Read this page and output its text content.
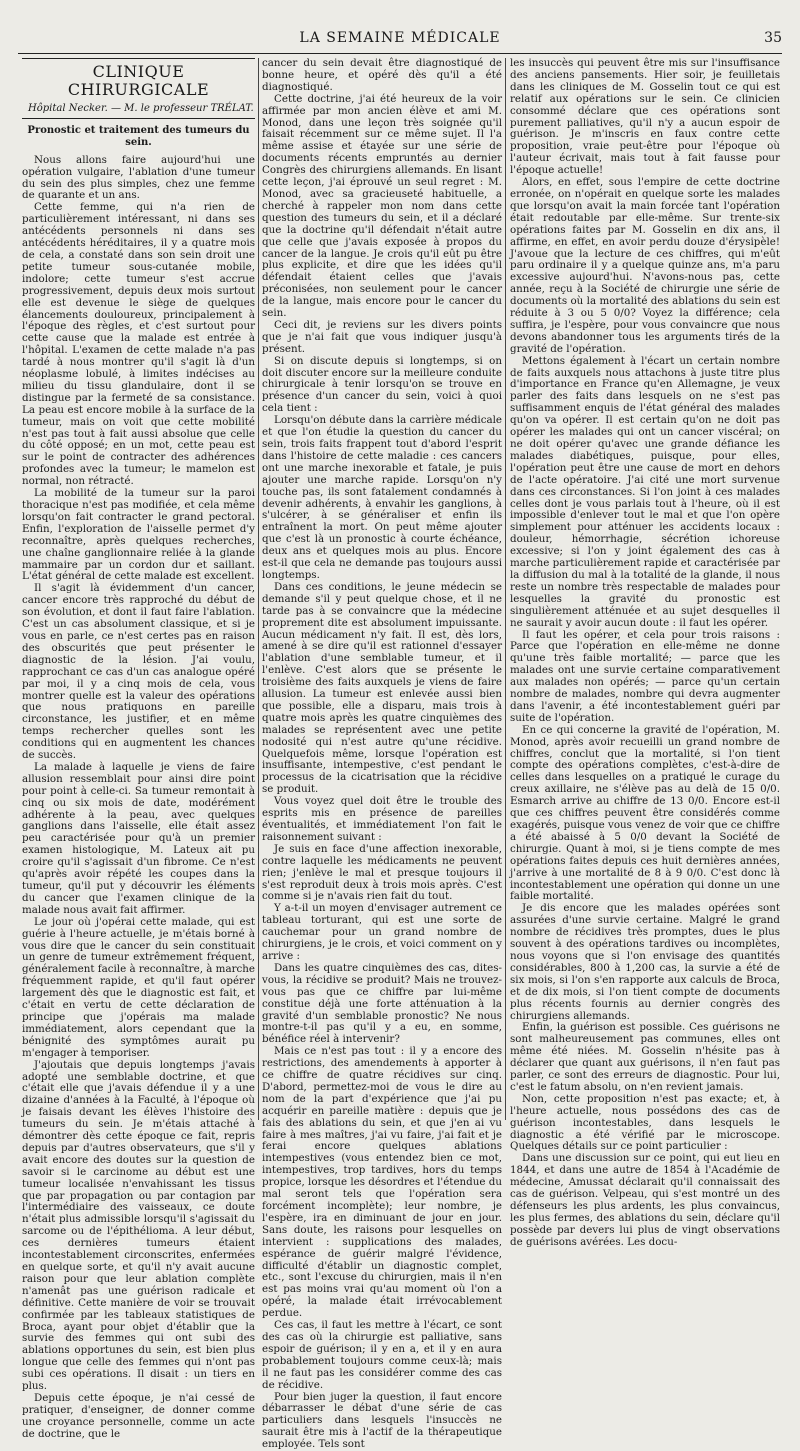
LA SEMAINE MÉDICALE	35
CLINIQUE CHIRURGICALE
Hôpital Necker. — M. le professeur TRÉLAT.

Pronostic et traitement des tumeurs du sein.

Nous allons faire aujourd'hui une opération vulgaire, l'ablation d'une tumeur du sein des plus simples, chez une femme de quarante et un ans.

Cette femme, qui n'a rien de particulièrement intéressant, ni dans ses antécédents personnels ni dans ses antécédents héréditaires, il y a quatre mois de cela, a constaté dans son sein droit une petite tumeur sous-cutanée mobile, indolore; cette tumeur s'est accrue progressivement, depuis deux mois surtout elle est devenue le siège de quelques élancements douloureux, principalement à l'époque des règles, et c'est surtout pour cette cause que la malade est entrée à l'hôpital. L'examen de cette malade n'a pas tardé à nous montrer qu'il s'agit là d'un néoplasme lobulé, à limites indécises au milieu du tissu glandulaire, dont il se distingue par la fermeté de sa consistance. La peau est encore mobile à la surface de la tumeur, mais on voit que cette mobilité n'est pas tout à fait aussi absolue que celle du côté opposé; en un mot, cette peau est sur le point de contracter des adhérences profondes avec la tumeur; le mamelon est normal, non rétracté.

La mobilité de la tumeur sur la paroi thoracique n'est pas modifiée, et cela même lorsqu'on fait contracter le grand pectoral. Enfin, l'exploration de l'aisselle permet d'y reconnaître, après quelques recherches, une chaîne ganglionnaire reliée à la glande mammaire par un cordon dur et saillant. L'état général de cette malade est excellent.

Il s'agit là évidemment d'un cancer, cancer encore très rapproché du début de son évolution, et dont il faut faire l'ablation. C'est un cas absolument classique, et si je vous en parle, ce n'est certes pas en raison des obscurités que peut présenter le diagnostic de la lésion. J'ai voulu, rapprochant ce cas d'un cas analogue opéré par moi, il y a cinq mois de cela, vous montrer quelle est la valeur des opérations que nous pratiquons en pareille circonstance, les justifier, et en même temps rechercher quelles sont les conditions qui en augmentent les chances de succès.

La malade à laquelle je viens de faire allusion ressemblait pour ainsi dire point pour point à celle-ci. Sa tumeur remontait à cinq ou six mois de date, modérément adhérente à la peau, avec quelques ganglions dans l'aisselle, elle était assez peu caractérisée pour qu'à un premier examen histologique, M. Lateux ait pu croire qu'il s'agissait d'un fibrome. Ce n'est qu'après avoir répété les coupes dans la tumeur, qu'il put y découvrir les éléments du cancer que l'examen clinique de la malade nous avait fait affirmer.

Le jour où j'opérai cette malade, qui est guérie à l'heure actuelle, je m'étais borné à vous dire que le cancer du sein constituait un genre de tumeur extrêmement fréquent, généralement facile à reconnaître, à marche fréquemment rapide, et qu'il faut opérer largement dès que le diagnostic est fait, et c'était en vertu de cette déclaration de principe que j'opérais ma malade immédiatement, alors cependant que la bénignité des symptômes aurait pu m'engager à temporiser.

J'ajoutais que depuis longtemps j'avais adopté une semblable doctrine, et que c'était elle que j'avais défendue il y a une dizaine d'années à la Faculté, à l'époque où je faisais devant les élèves l'histoire des tumeurs du sein. Je m'étais attaché à démontrer dès cette époque ce fait, repris depuis par d'autres observateurs, que s'il y avait encore des doutes sur la question de savoir si le carcinome au début est une tumeur localisée n'envahissant les tissus que par propagation ou par contagion par l'intermédiaire des vaisseaux, ce doute n'était plus admissible lorsqu'il s'agissait du sarcome ou de l'épithélioma. A leur début, ces dernières tumeurs étaient incontestablement circonscrites, enfermées en quelque sorte, et qu'il n'y avait aucune raison pour que leur ablation complète n'amenât pas une guérison radicale et définitive. Cette manière de voir se trouvait confirmée par les tableaux statistiques de Broca, ayant pour objet d'établir que la survie des femmes qui ont subi des ablations opportunes du sein, est bien plus longue que celle des femmes qui n'ont pas subi ces opérations. Il disait : un tiers en plus.

Depuis cette époque, je n'ai cessé de pratiquer, d'enseigner, de donner comme une croyance personnelle, comme un acte de doctrine, que le

cancer du sein devait être diagnostiqué de bonne heure, et opéré dès qu'il a été diagnostiqué.

Cette doctrine, j'ai été heureux de la voir affirmée par mon ancien élève et ami M. Monod, dans une leçon très soignée qu'il faisait récemment sur ce même sujet. Il l'a même assise et étayée sur une série de documents récents empruntés au dernier Congrès des chirurgiens allemands. En lisant cette leçon, j'ai éprouvé un seul regret : M. Monod, avec sa gracieuseté habituelle, a cherché à rappeler mon nom dans cette question des tumeurs du sein, et il a déclaré que la doctrine qu'il défendait n'était autre que celle que j'avais exposée à propos du cancer de la langue. Je crois qu'il eût pu être plus explicite, et dire que les idées qu'il défendait étaient celles que j'avais préconisées, non seulement pour le cancer de la langue, mais encore pour le cancer du sein.

Ceci dit, je reviens sur les divers points que je n'ai fait que vous indiquer jusqu'à présent.

Si on discute depuis si longtemps, si on doit discuter encore sur la meilleure conduite chirurgicale à tenir lorsqu'on se trouve en présence d'un cancer du sein, voici à quoi cela tient :

Lorsqu'on débute dans la carrière médicale et que l'on étudie la question du cancer du sein, trois faits frappent tout d'abord l'esprit dans l'histoire de cette maladie : ces cancers ont une marche inexorable et fatale, je puis ajouter une marche rapide. Lorsqu'on n'y touche pas, ils sont fatalement condamnés à devenir adhérents, à envahir les ganglions, à s'ulcérer, à se généraliser et enfin ils entraînent la mort. On peut même ajouter que c'est là un pronostic à courte échéance, deux ans et quelques mois au plus. Encore est-il que cela ne demande pas toujours aussi longtemps.

Dans ces conditions, le jeune médecin se demande s'il y peut quelque chose, et il ne tarde pas à se convaincre que la médecine proprement dite est absolument impuissante. Aucun médicament n'y fait. Il est, dès lors, amené à se dire qu'il est rationnel d'essayer l'ablation d'une semblable tumeur, et il l'enlève. C'est alors que se présente le troisième des faits auxquels je viens de faire allusion. La tumeur est enlevée aussi bien que possible, elle a disparu, mais trois à quatre mois après les quatre cinquièmes des malades se représentent avec une petite nodosité qui n'est autre qu'une récidive. Quelquefois même, lorsque l'opération est insuffisante, intempestive, c'est pendant le processus de la cicatrisation que la récidive se produit.

Vous voyez quel doit être le trouble des esprits mis en présence de pareilles éventualités, et immédiatement l'on fait le raisonnement suivant :

Je suis en face d'une affection inexorable, contre laquelle les médicaments ne peuvent rien; j'enlève le mal et presque toujours il s'est reproduit deux à trois mois après. C'est comme si je n'avais rien fait du tout.

Y a-t-il un moyen d'envisager autrement ce tableau torturant, qui est une sorte de cauchemar pour un grand nombre de chirurgiens, je le crois, et voici comment on y arrive :

Dans les quatre cinquièmes des cas, dites-vous, la récidive se produit? Mais ne trouvez-vous pas que ce chiffre par lui-même constitue déjà une forte atténuation à la gravité d'un semblable pronostic? Ne nous montre-t-il pas qu'il y a eu, en somme, bénéfice réel à intervenir?

Mais ce n'est pas tout : il y a encore des restrictions, des amendements à apporter à ce chiffre de quatre récidives sur cinq. D'abord, permettez-moi de vous le dire au nom de la part d'expérience que j'ai pu acquérir en pareille matière : depuis que je fais des ablations du sein, et que j'en ai vu faire à mes maîtres, j'ai vu faire, j'ai fait et je ferai encore quelques ablations intempestives (vous entendez bien ce mot, intempestives, trop tardives, hors du temps propice, lorsque les désordres et l'étendue du mal seront tels que l'opération sera forcément incomplète); leur nombre, je l'espère, ira en diminuant de jour en jour. Sans doute, les raisons pour lesquelles on intervient : supplications des malades, espérance de guérir malgré l'évidence, difficulté d'établir un diagnostic complet, etc., sont l'excuse du chirurgien, mais il n'en est pas moins vrai qu'au moment où l'on a opéré, la malade était irrévocablement perdue.

Ces cas, il faut les mettre à l'écart, ce sont des cas où la chirurgie est palliative, sans espoir de guérison; il y en a, et il y en aura probablement toujours comme ceux-là; mais il ne faut pas les considérer comme des cas de récidive.

Pour bien juger la question, il faut encore débarrasser le débat d'une série de cas particuliers dans lesquels l'insuccès ne saurait être mis à l'actif de la thérapeutique employée. Tels sont

les insuccès qui peuvent être mis sur l'insuffisance des anciens pansements. Hier soir, je feuilletais dans les cliniques de M. Gosselin tout ce qui est relatif aux opérations sur le sein. Ce clinicien consommé déclare que ces opérations sont purement palliatives, qu'il n'y a aucun espoir de guérison. Je m'inscris en faux contre cette proposition, vraie peut-être pour l'époque où l'auteur écrivait, mais tout à fait fausse pour l'époque actuelle!

Alors, en effet, sous l'empire de cette doctrine erronée, on n'opérait en quelque sorte les malades que lorsqu'on avait la main forcée tant l'opération était redoutable par elle-même. Sur trente-six opérations faites par M. Gosselin en dix ans, il affirme, en effet, en avoir perdu douze d'érysipèle! J'avoue que la lecture de ces chiffres, qui m'eût paru ordinaire il y a quelque quinze ans, m'a paru excessive aujourd'hui. N'avons-nous pas, cette année, reçu à la Société de chirurgie une série de documents où la mortalité des ablations du sein est réduite à 3 ou 5 0/0? Voyez la différence; cela suffira, je l'espère, pour vous convaincre que nous devons abandonner tous les arguments tirés de la gravité de l'opération.

Mettons également à l'écart un certain nombre de faits auxquels nous attachons à juste titre plus d'importance en France qu'en Allemagne, je veux parler des faits dans lesquels on ne s'est pas suffisamment enquis de l'état général des malades qu'on va opérer. Il est certain qu'on ne doit pas opérer les malades qui ont un cancer viscéral; on ne doit opérer qu'avec une grande défiance les malades diabétiques, puisque, pour elles, l'opération peut être une cause de mort en dehors de l'acte opératoire. J'ai cité une mort survenue dans ces circonstances. Si l'on joint à ces malades celles dont je vous parlais tout à l'heure, où il est impossible d'enlever tout le mal et que l'on opère simplement pour atténuer les accidents locaux : douleur, hémorrhagie, sécrétion ichoreuse excessive; si l'on y joint également des cas à marche particulièrement rapide et caractérisée par la diffusion du mal à la totalité de la glande, il nous reste un nombre très respectable de malades pour lesquelles la gravité du pronostic est singulièrement atténuée et au sujet desquelles il ne saurait y avoir aucun doute : il faut les opérer.

Il faut les opérer, et cela pour trois raisons : Parce que l'opération en elle-même ne donne qu'une très faible mortalité; — parce que les malades ont une survie certaine comparativement aux malades non opérés; — parce qu'un certain nombre de malades, nombre qui devra augmenter dans l'avenir, a été incontestablement guéri par suite de l'opération.

En ce qui concerne la gravité de l'opération, M. Monod, après avoir recueilli un grand nombre de chiffres, conclut que la mortalité, si l'on tient compte des opérations complètes, c'est-à-dire de celles dans lesquelles on a pratiqué le curage du creux axillaire, ne s'élève pas au delà de 15 0/0. Esmarch arrive au chiffre de 13 0/0. Encore est-il que ces chiffres peuvent être considérés comme exagérés, puisque vous venez de voir que ce chiffre a été abaissé à 5 0/0 devant la Société de chirurgie. Quant à moi, si je tiens compte de mes opérations faites depuis ces huit dernières années, j'arrive à une mortalité de 8 à 9 0/0. C'est donc là incontestablement une opération qui donne un une faible mortalité.

Je dis encore que les malades opérées sont assurées d'une survie certaine. Malgré le grand nombre de récidives très promptes, dues le plus souvent à des opérations tardives ou incomplètes, nous voyons que si l'on envisage des quantités considérables, 800 à 1,200 cas, la survie a été de six mois, si l'on s'en rapporte aux calculs de Broca, et de dix mois, si l'on tient compte de documents plus récents fournis au dernier congrès des chirurgiens allemands.

Enfin, la guérison est possible. Ces guérisons ne sont malheureusement pas communes, elles ont même été niées. M. Gosselin n'hésite pas à déclarer que quant aux guérisons, il n'en faut pas parler, ce sont des erreurs de diagnostic. Pour lui, c'est le fatum absolu, on n'en revient jamais.

Non, cette proposition n'est pas exacte; et, à l'heure actuelle, nous possédons des cas de guérison incontestables, dans lesquels le diagnostic a été vérifié par le microscope. Quelques détails sur ce point particulier :

Dans une discussion sur ce point, qui eut lieu en 1844, et dans une autre de 1854 à l'Académie de médecine, Amussat déclarait qu'il connaissait des cas de guérison. Velpeau, qui s'est montré un des défenseurs les plus ardents, les plus convaincus, les plus fermes, des ablations du sein, déclare qu'il possède par devers lui plus de vingt observations de guérisons avérées. Les docu-
